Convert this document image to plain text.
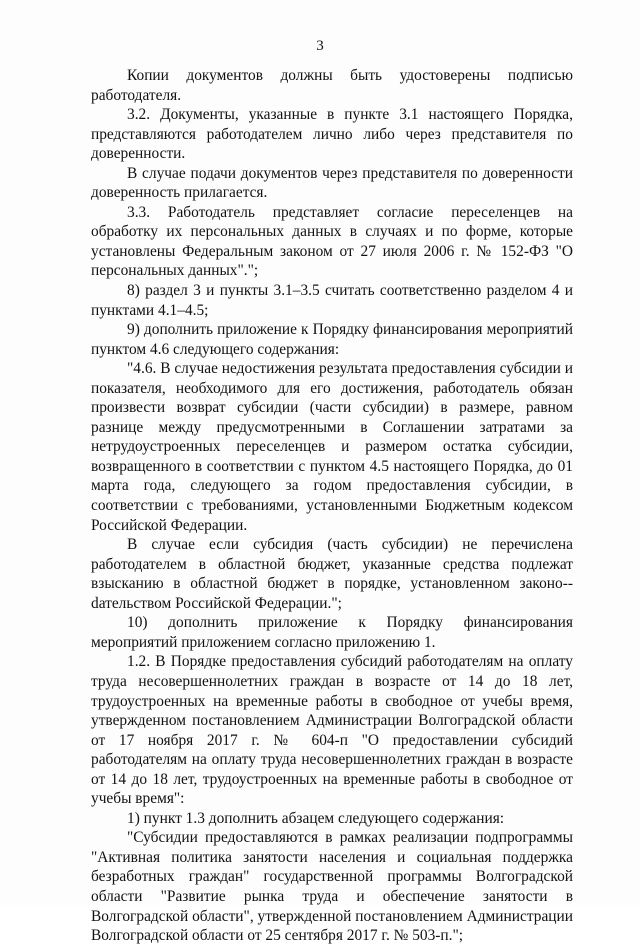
3

Копии документов должны быть удостоверены подписью работодателя.

3.2. Документы, указанные в пункте 3.1 настоящего Порядка, представляются работодателем лично либо через представителя по доверенности.

В случае подачи документов через представителя по доверенности доверенность прилагается.

3.3. Работодатель представляет согласие переселенцев на обработку их персональных данных в случаях и по форме, которые установлены Федеральным законом от 27 июля 2006 г. № 152-ФЗ "О персональных данных".";

8) раздел 3 и пункты 3.1–3.5 считать соответственно разделом 4 и пунктами 4.1–4.5;

9) дополнить приложение к Порядку финансирования мероприятий пунктом 4.6 следующего содержания:

"4.6. В случае недостижения результата предоставления субсидии и показателя, необходимого для его достижения, работодатель обязан произвести возврат субсидии (части субсидии) в размере, равном разнице между предусмотренными в Соглашении затратами за нетрудоустроенных переселенцев и размером остатка субсидии, возвращенного в соответствии с пунктом 4.5 настоящего Порядка, до 01 марта года, следующего за годом предоставления субсидии, в соответствии с требованиями, установленными Бюджетным кодексом Российской Федерации.

В случае если субсидия (часть субсидии) не перечислена работодателем в областной бюджет, указанные средства подлежат взысканию в областной бюджет в порядке, установленном законо-dательством Российской Федерации.";

10) дополнить приложение к Порядку финансирования мероприятий приложением согласно приложению 1.

1.2. В Порядке предоставления субсидий работодателям на оплату труда несовершеннолетних граждан в возрасте от 14 до 18 лет, трудоустроенных на временные работы в свободное от учебы время, утвержденном постановлением Администрации Волгоградской области от 17 ноября 2017 г. № 604-п "О предоставлении субсидий работодателям на оплату труда несовершеннолетних граждан в возрасте от 14 до 18 лет, трудоустроенных на временные работы в свободное от учебы время":

1) пункт 1.3 дополнить абзацем следующего содержания:

"Субсидии предоставляются в рамках реализации подпрограммы "Активная политика занятости населения и социальная поддержка безработных граждан" государственной программы Волгоградской области "Развитие рынка труда и обеспечение занятости в Волгоградской области", утвержденной постановлением Администрации Волгоградской области от 25 сентября 2017 г. № 503-п.";
